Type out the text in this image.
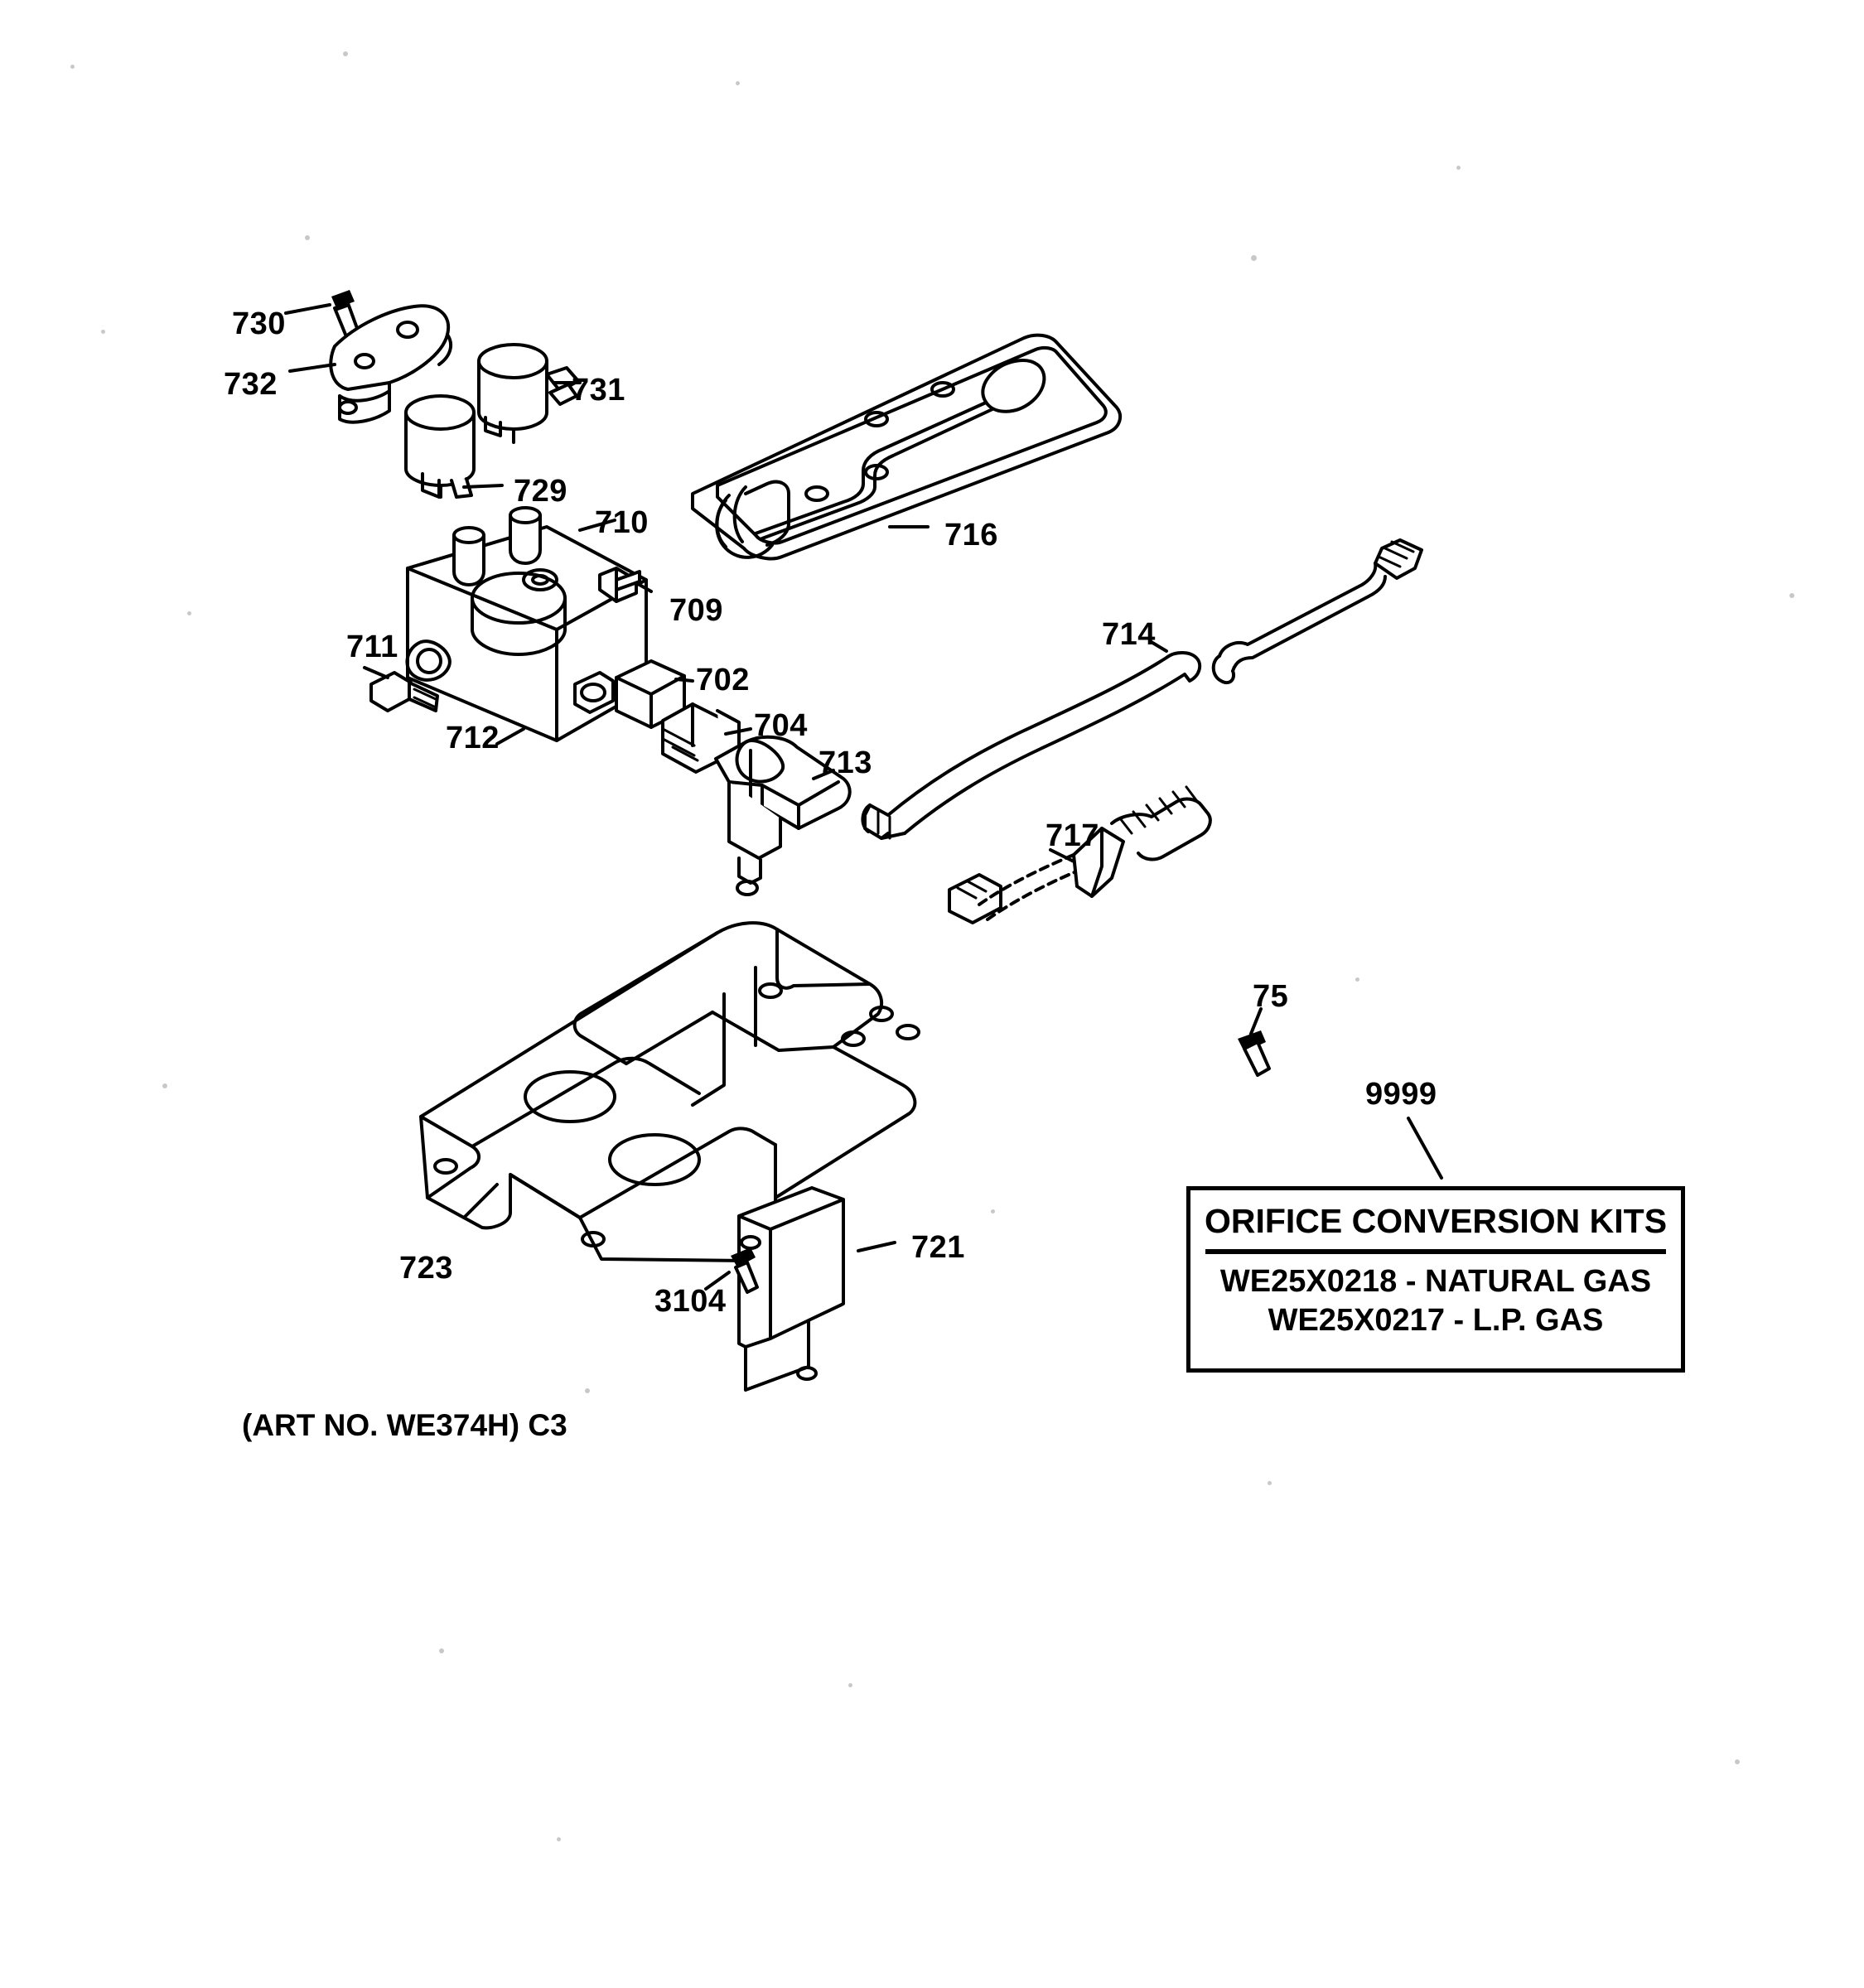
730
732	731
729
710
709
716
711
712
702
704
713
714
717
75
723
3104
721
9999
ORIFICE CONVERSION KITS
WE25X0218 - NATURAL GAS
WE25X0217 - L.P. GAS
(ART NO. WE374H) C3
